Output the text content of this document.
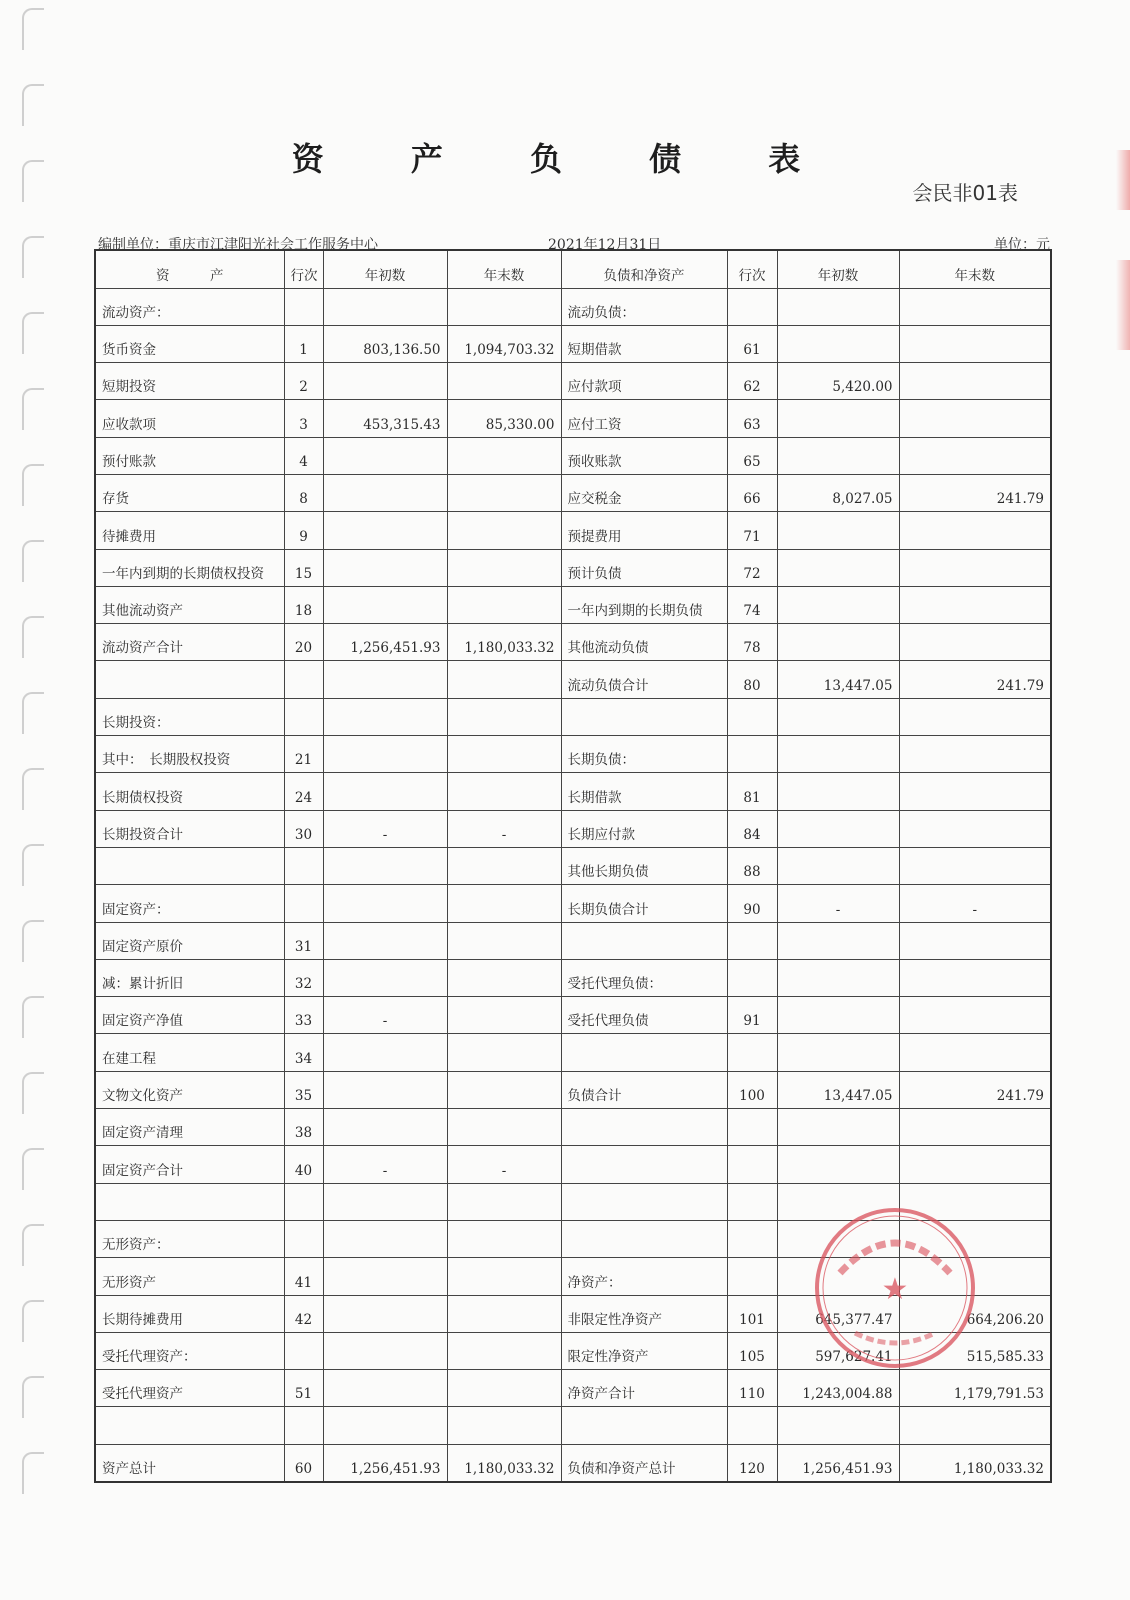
资 产 负 债 表
会民非01表
编制单位：重庆市江津阳光社会工作服务中心	2021年12月31日	单位：元
资　　　产	行次	年初数	年末数	负债和净资产	行次	年初数	年末数
流动资产：				流动负债：			
货币资金	1	803,136.50	1,094,703.32	短期借款	61		
短期投资	2			应付款项	62	5,420.00	
应收款项	3	453,315.43	85,330.00	应付工资	63		
预付账款	4			预收账款	65		
存货	8			应交税金	66	8,027.05	241.79
待摊费用	9			预提费用	71		
一年内到期的长期债权投资	15			预计负债	72		
其他流动资产	18			一年内到期的长期负债	74		
流动资产合计	20	1,256,451.93	1,180,033.32	其他流动负债	78		
				流动负债合计	80	13,447.05	241.79
长期投资：							
其中：　长期股权投资	21			长期负债：			
长期债权投资	24			长期借款	81		
长期投资合计	30	-	-	长期应付款	84		
				其他长期负债	88		
固定资产：				长期负债合计	90	-	-
固定资产原价	31						
减：累计折旧	32			受托代理负债：			
固定资产净值	33	-		受托代理负债	91		
在建工程	34						
文物文化资产	35			负债合计	100	13,447.05	241.79
固定资产清理	38						
固定资产合计	40	-	-				

无形资产：							
无形资产	41			净资产：			
长期待摊费用	42			非限定性净资产	101	645,377.47	664,206.20
受托代理资产：				限定性净资产	105	597,627.41	515,585.33
受托代理资产	51			净资产合计	110	1,243,004.88	1,179,791.53

资产总计	60	1,256,451.93	1,180,033.32	负债和净资产总计	120	1,256,451.93	1,180,033.32
★
